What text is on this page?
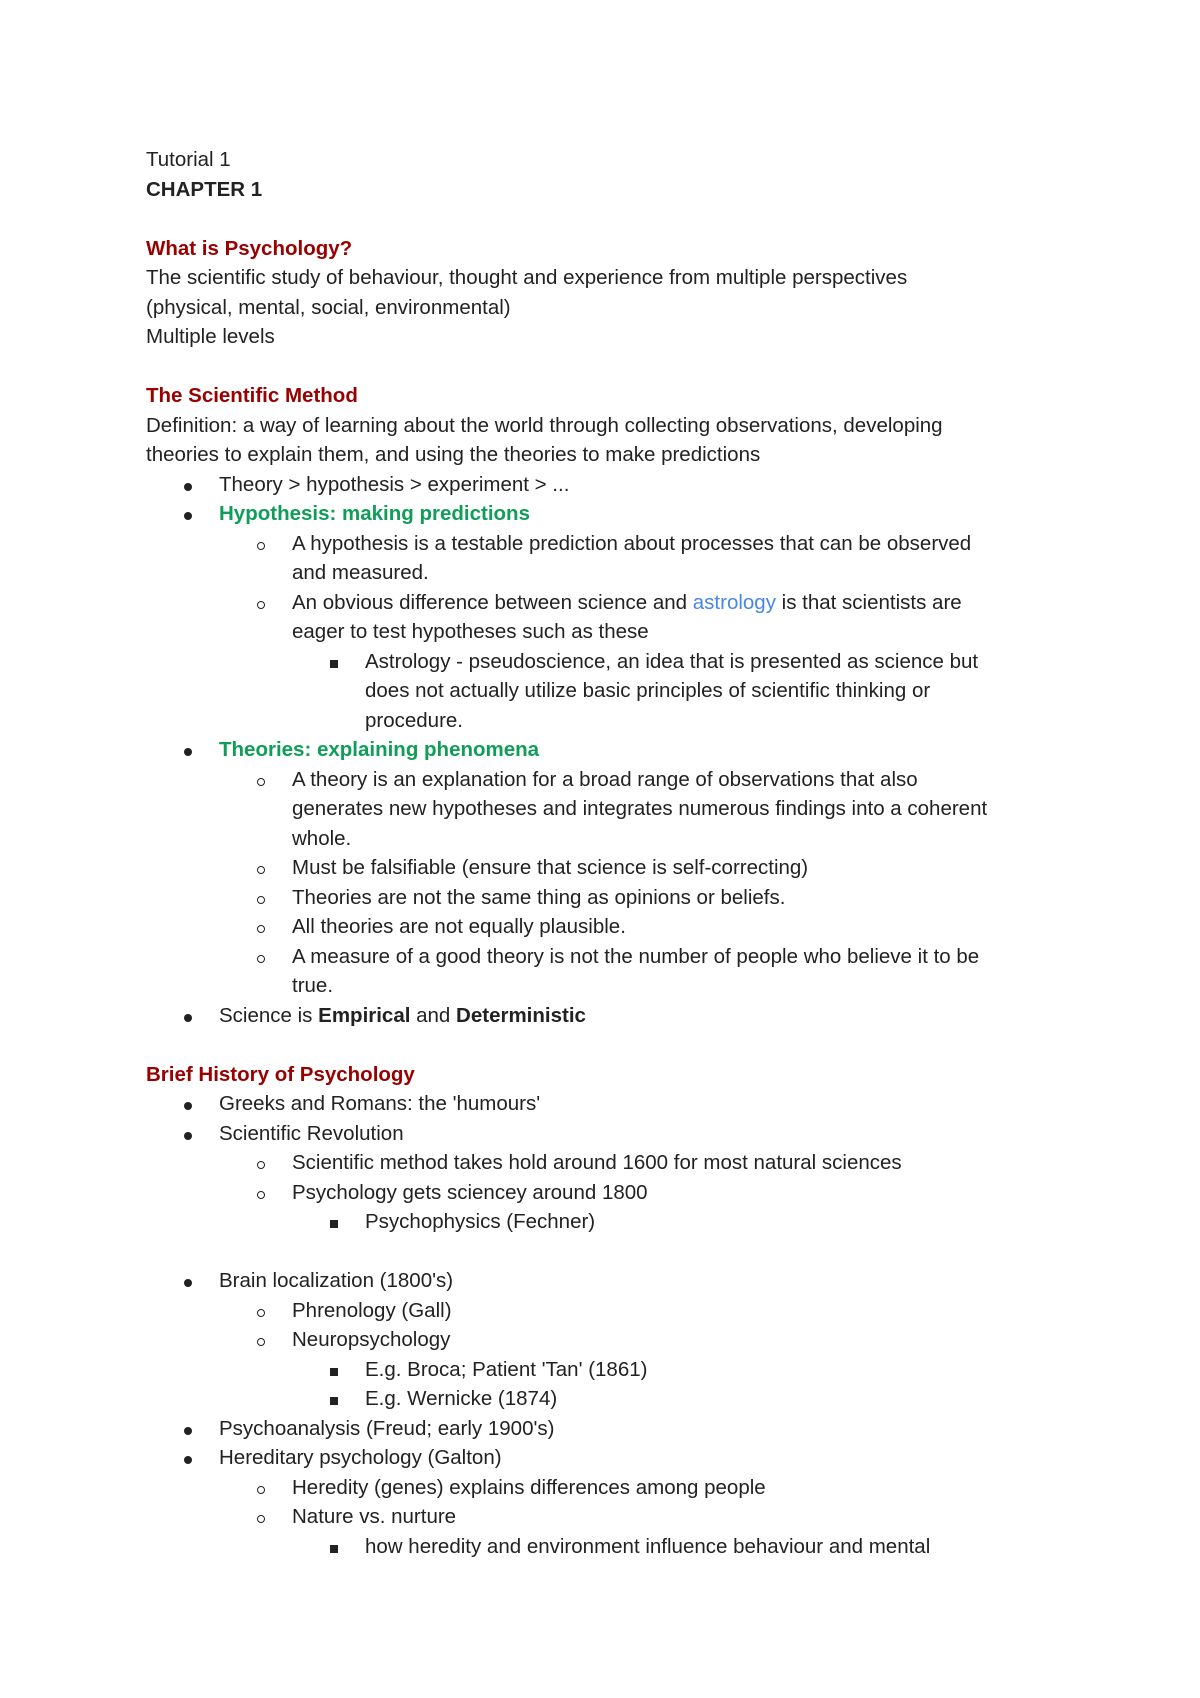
Tutorial 1
CHAPTER 1
What is Psychology?
The scientific study of behaviour, thought and experience from multiple perspectives
(physical, mental, social, environmental)
Multiple levels
The Scientific Method
Definition: a way of learning about the world through collecting observations, developing
theories to explain them, and using the theories to make predictions
Theory > hypothesis > experiment > ...
Hypothesis: making predictions
A hypothesis is a testable prediction about processes that can be observed
and measured.
An obvious difference between science and astrology is that scientists are
eager to test hypotheses such as these
Astrology - pseudoscience, an idea that is presented as science but
does not actually utilize basic principles of scientific thinking or
procedure.
Theories: explaining phenomena
A theory is an explanation for a broad range of observations that also
generates new hypotheses and integrates numerous findings into a coherent
whole.
Must be falsifiable (ensure that science is self-correcting)
Theories are not the same thing as opinions or beliefs.
All theories are not equally plausible.
A measure of a good theory is not the number of people who believe it to be
true.
Science is Empirical and Deterministic
Brief History of Psychology
Greeks and Romans: the 'humours'
Scientific Revolution
Scientific method takes hold around 1600 for most natural sciences
Psychology gets sciencey around 1800
Psychophysics (Fechner)
Brain localization (1800's)
Phrenology (Gall)
Neuropsychology
E.g. Broca; Patient 'Tan' (1861)
E.g. Wernicke (1874)
Psychoanalysis (Freud; early 1900's)
Hereditary psychology (Galton)
Heredity (genes) explains differences among people
Nature vs. nurture
how heredity and environment influence behaviour and mental
